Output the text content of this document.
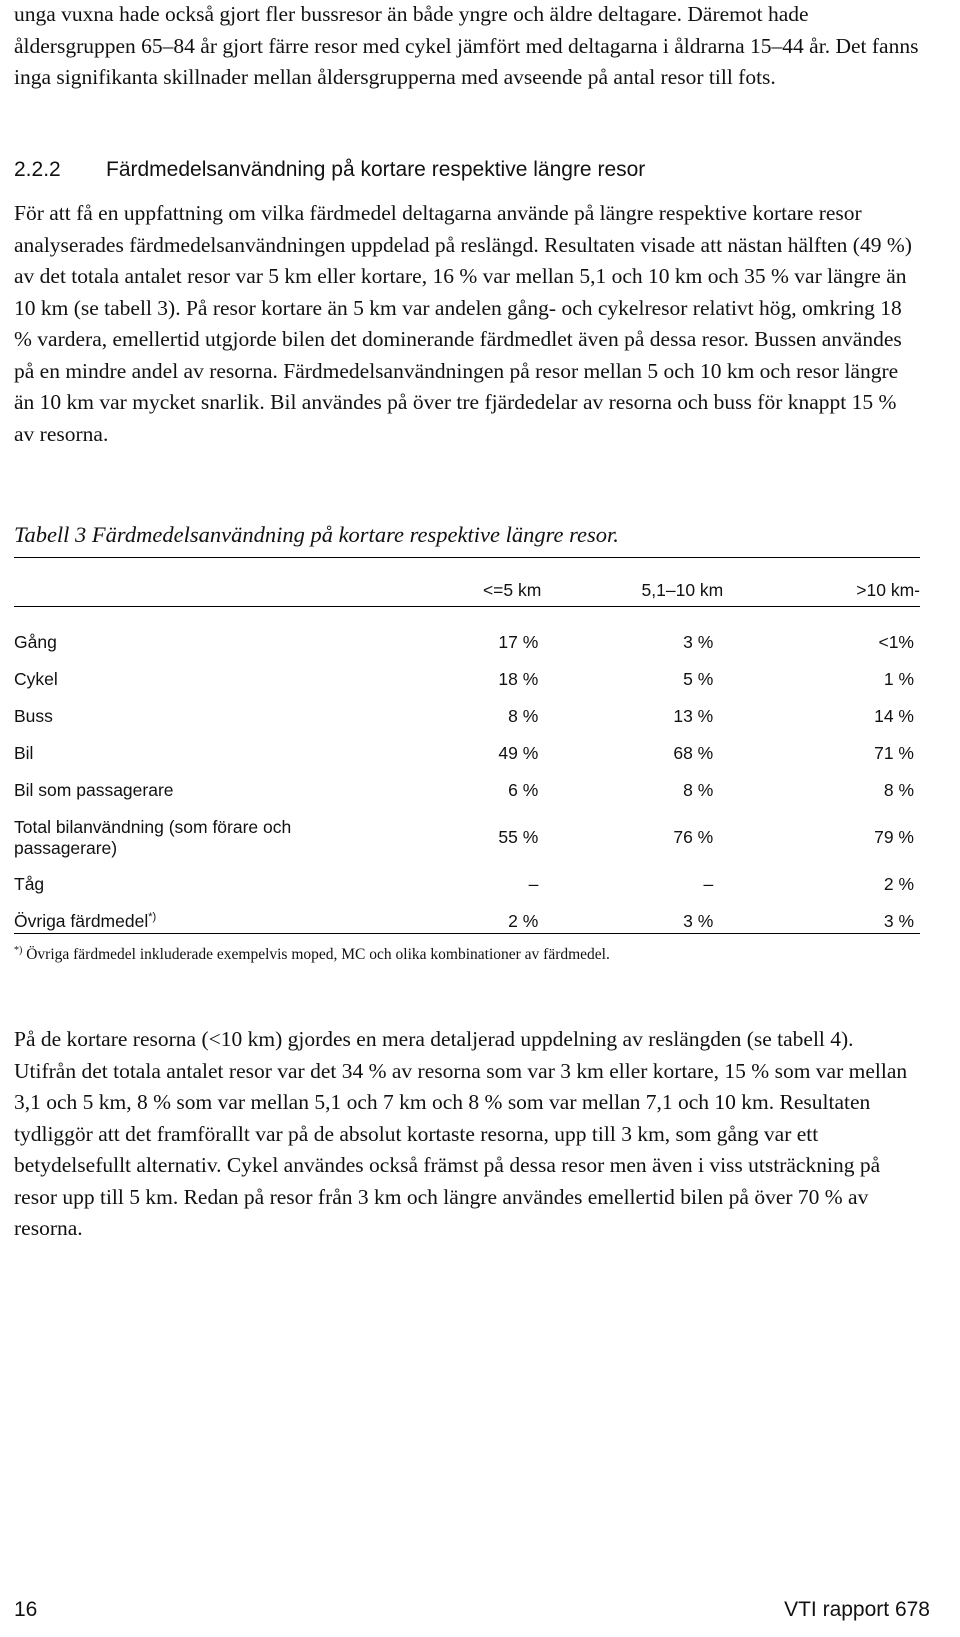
unga vuxna hade också gjort fler bussresor än både yngre och äldre deltagare. Däremot hade åldersgruppen 65–84 år gjort färre resor med cykel jämfört med deltagarna i åldrarna 15–44 år. Det fanns inga signifikanta skillnader mellan åldersgrupperna med avseende på antal resor till fots.

2.2.2 Färdmedelsanvändning på kortare respektive längre resor

För att få en uppfattning om vilka färdmedel deltagarna använde på längre respektive kortare resor analyserades färdmedelsanvändningen uppdelad på reslängd. Resultaten visade att nästan hälften (49 %) av det totala antalet resor var 5 km eller kortare, 16 % var mellan 5,1 och 10 km och 35 % var längre än 10 km (se tabell 3). På resor kortare än 5 km var andelen gång- och cykelresor relativt hög, omkring 18 % vardera, emellertid utgjorde bilen det dominerande färdmedlet även på dessa resor. Bussen användes på en mindre andel av resorna. Färdmedelsanvändningen på resor mellan 5 och 10 km och resor längre än 10 km var mycket snarlik. Bil användes på över tre fjärdedelar av resorna och buss för knappt 15 % av resorna.

Tabell 3 Färdmedelsanvändning på kortare respektive längre resor.

	<=5 km	5,1–10 km	>10 km-
Gång	17 %	3 %	<1%
Cykel	18 %	5 %	1 %
Buss	8 %	13 %	14 %
Bil	49 %	68 %	71 %
Bil som passagerare	6 %	8 %	8 %
Total bilanvändning (som förare och passagerare)	55 %	76 %	79 %
Tåg	–	–	2 %
Övriga färdmedel*)	2 %	3 %	3 %

*) Övriga färdmedel inkluderade exempelvis moped, MC och olika kombinationer av färdmedel.

På de kortare resorna (<10 km) gjordes en mera detaljerad uppdelning av reslängden (se tabell 4). Utifrån det totala antalet resor var det 34 % av resorna som var 3 km eller kortare, 15 % som var mellan 3,1 och 5 km, 8 % som var mellan 5,1 och 7 km och 8 % som var mellan 7,1 och 10 km. Resultaten tydliggör att det framförallt var på de absolut kortaste resorna, upp till 3 km, som gång var ett betydelsefullt alternativ. Cykel användes också främst på dessa resor men även i viss utsträckning på resor upp till 5 km. Redan på resor från 3 km och längre användes emellertid bilen på över 70 % av resorna.

16	VTI rapport 678
